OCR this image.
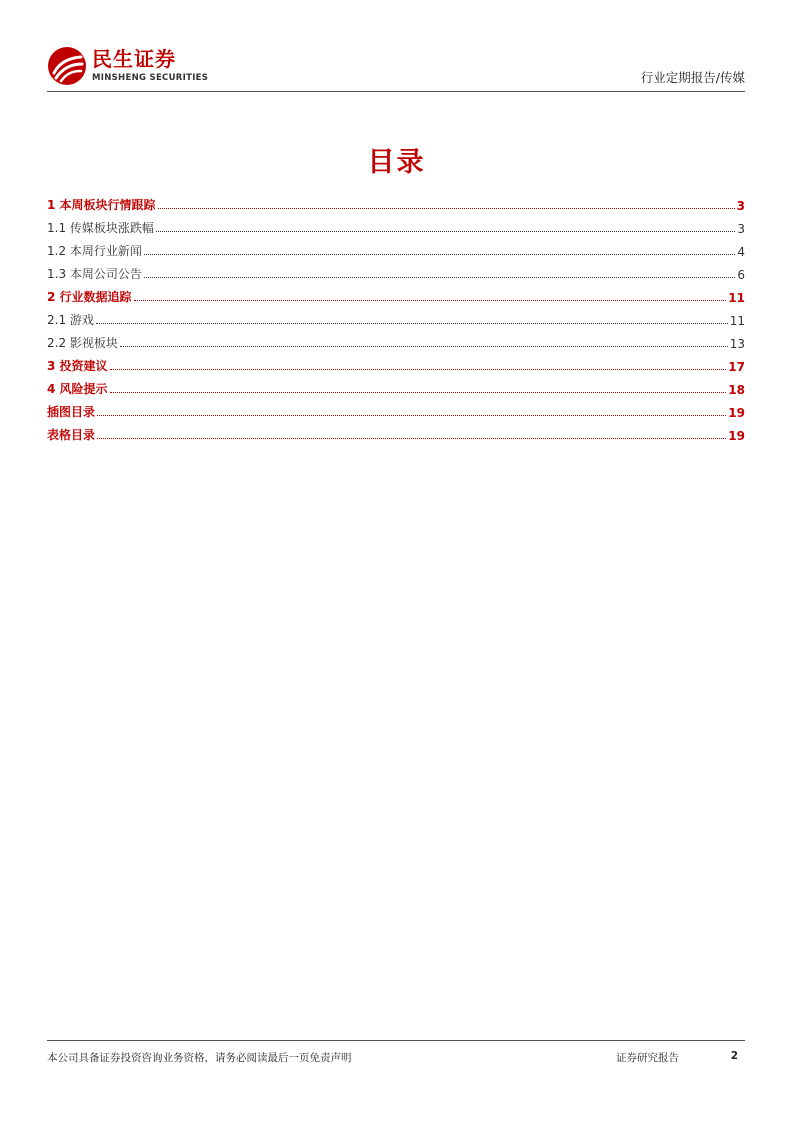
民生证券
MINSHENG SECURITIES	行业定期报告/传媒
目录
1 本周板块行情跟踪	3
1.1 传媒板块涨跌幅	3
1.2 本周行业新闻	4
1.3 本周公司公告	6
2 行业数据追踪	11
2.1 游戏	11
2.2 影视板块	13
3 投资建议	17
4 风险提示	18
插图目录	19
表格目录	19
本公司具备证券投资咨询业务资格，请务必阅读最后一页免责声明	证券研究报告	2
